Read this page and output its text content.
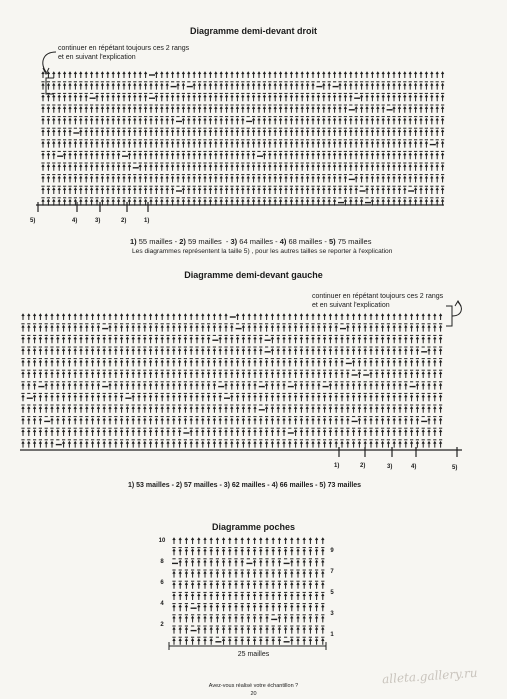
Diagramme demi-devant droit
continuer en répétant toujours ces 2 rangs
et en suivant l'explication
5)	4)	3)	2)	1)
1) 55 mailles - 2) 59 mailles - 3) 64 mailles - 4) 68 mailles - 5) 75 mailles
Les diagrammes représentent la taille 5) , pour les autres tailles se reporter à l'explication
Diagramme demi-devant gauche
continuer en répétant toujours ces 2 rangs
et en suivant l'explication
1)	2)	3)	4)	5)
1) 53 mailles - 2) 57 mailles - 3) 62 mailles - 4) 66 mailles - 5) 73 mailles
Diagramme poches
10
8
6
4
2
9
7
5
3
1
25 mailles
Avez-vous réalisé votre échantillon ?
20
alleta.gallery.ru
